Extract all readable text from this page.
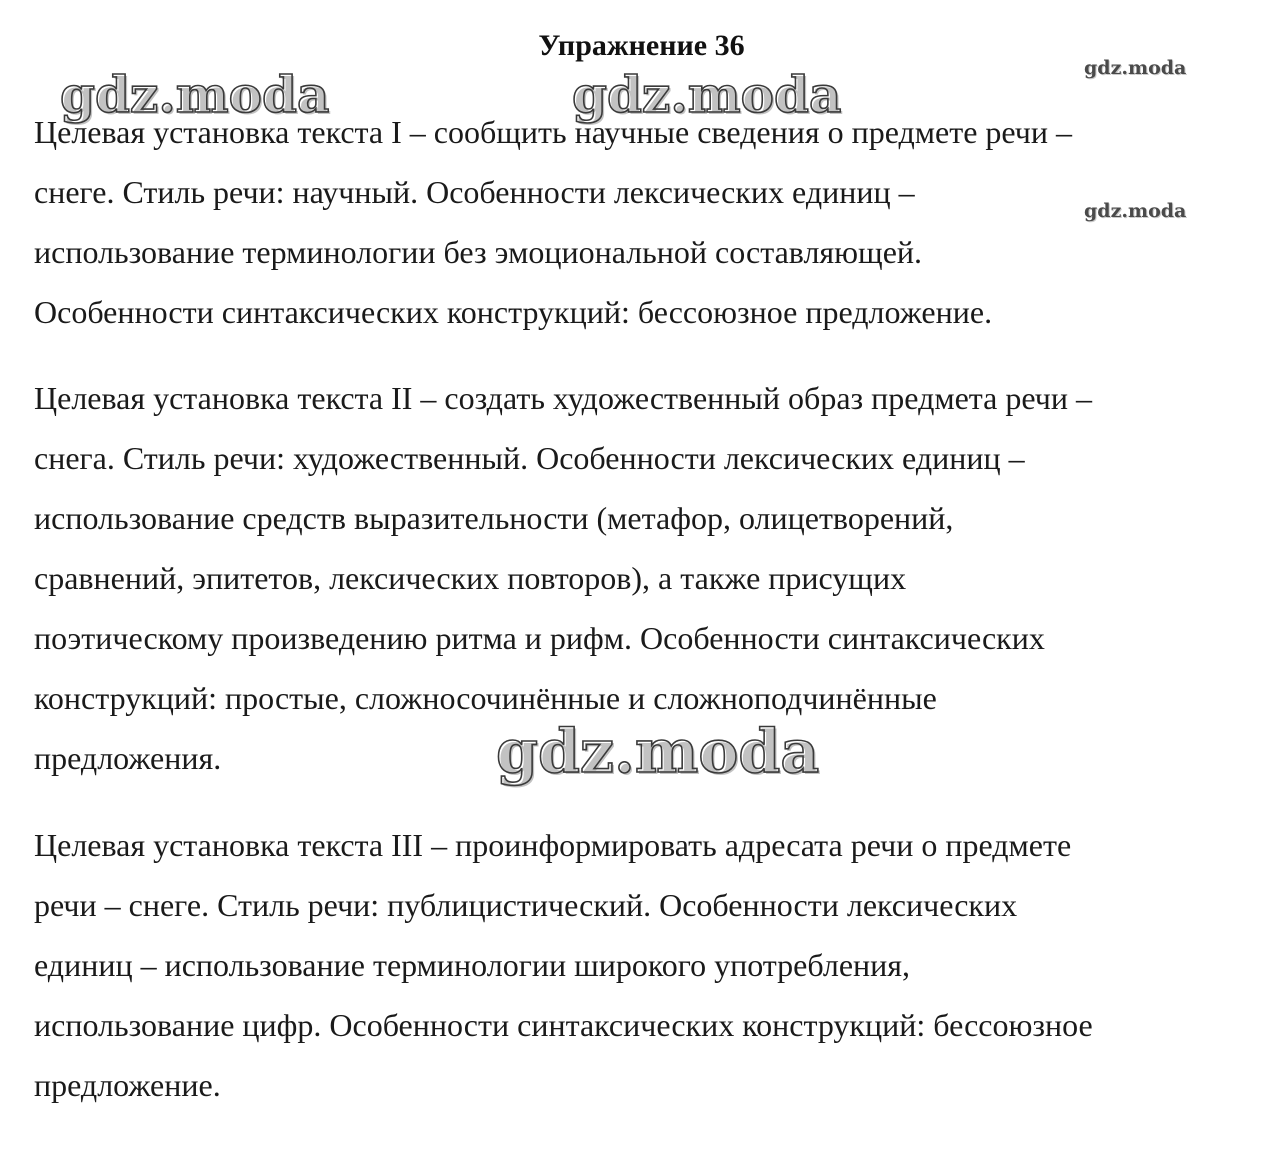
Упражнение 36

Целевая установка текста I – сообщить научные сведения о предмете речи –
снеге. Стиль речи: научный. Особенности лексических единиц –
использование терминологии без эмоциональной составляющей.
Особенности синтаксических конструкций: бессоюзное предложение.

Целевая установка текста II – создать художественный образ предмета речи –
снега. Стиль речи: художественный. Особенности лексических единиц –
использование средств выразительности (метафор, олицетворений,
сравнений, эпитетов, лексических повторов), а также присущих
поэтическому произведению ритма и рифм. Особенности синтаксических
конструкций: простые, сложносочинённые и сложноподчинённые
предложения.

Целевая установка текста III – проинформировать адресата речи о предмете
речи – снеге. Стиль речи: публицистический. Особенности лексических
единиц – использование терминологии широкого употребления,
использование цифр. Особенности синтаксических конструкций: бессоюзное
предложение.

gdz.moda	gdz.moda	gdz.moda
gdz.moda
gdz.moda
